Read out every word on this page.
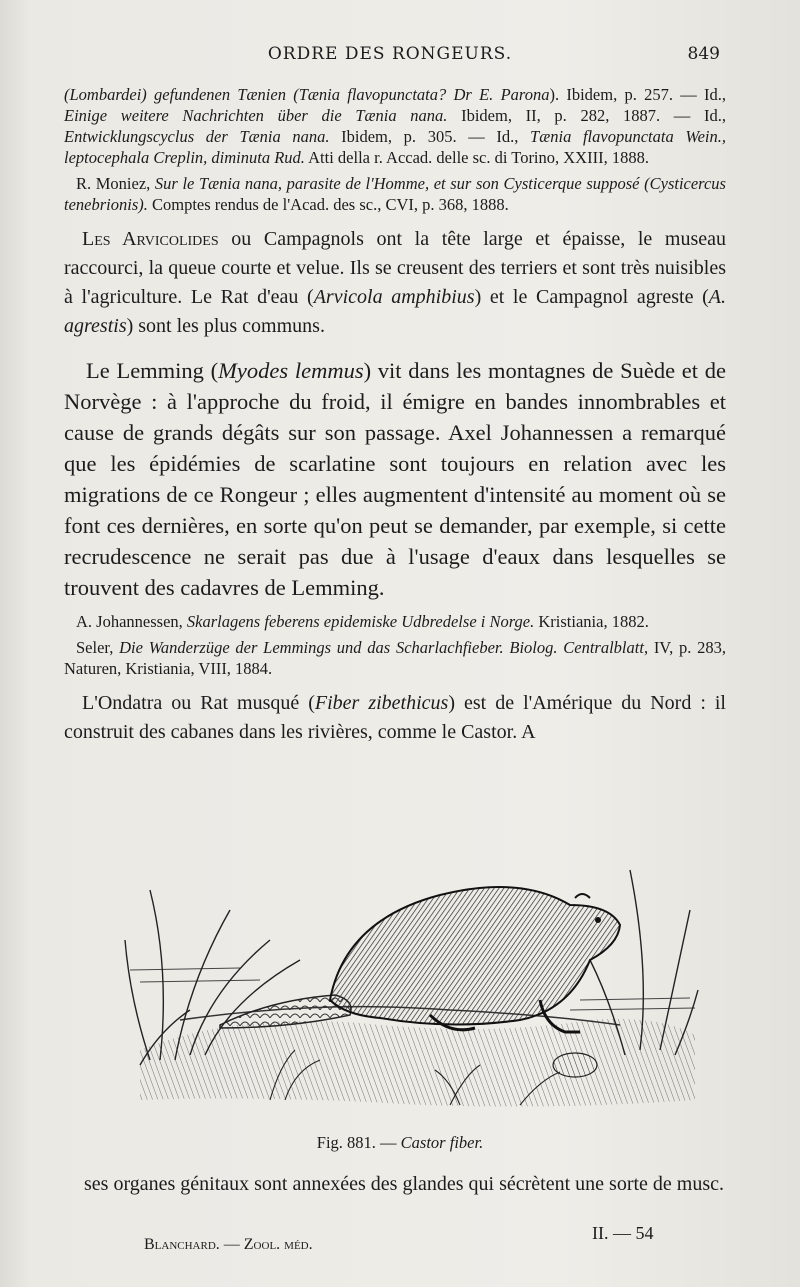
ORDRE DES RONGEURS.	849

(Lombardei) gefundenen Tænien (Tænia flavopunctata? Dr E. Parona). Ibidem, p. 257. — Id., Einige weitere Nachrichten über die Tænia nana. Ibidem, II, p. 282, 1887. — Id., Entwicklungscyclus der Tænia nana. Ibidem, p. 305. — Id., Tænia flavopunctata Wein., leptocephala Creplin, diminuta Rud. Atti della r. Accad. delle sc. di Torino, XXIII, 1888.

R. Moniez, Sur le Tænia nana, parasite de l'Homme, et sur son Cysticerque supposé (Cysticercus tenebrionis). Comptes rendus de l'Acad. des sc., CVI, p. 368, 1888.

Les Arvicolides ou Campagnols ont la tête large et épaisse, le museau raccourci, la queue courte et velue. Ils se creusent des terriers et sont très nuisibles à l'agriculture. Le Rat d'eau (Arvicola amphibius) et le Campagnol agreste (A. agrestis) sont les plus communs.

Le Lemming (Myodes lemmus) vit dans les montagnes de Suède et de Norvège : à l'approche du froid, il émigre en bandes innombrables et cause de grands dégâts sur son passage. Axel Johannessen a remarqué que les épidémies de scarlatine sont toujours en relation avec les migrations de ce Rongeur ; elles augmentent d'intensité au moment où se font ces dernières, en sorte qu'on peut se demander, par exemple, si cette recrudescence ne serait pas due à l'usage d'eaux dans lesquelles se trouvent des cadavres de Lemming.

A. Johannessen, Skarlagens feberens epidemiske Udbredelse i Norge. Kristiania, 1882.

Seler, Die Wanderzüge der Lemmings und das Scharlachfieber. Biolog. Centralblatt, IV, p. 283, Naturen, Kristiania, VIII, 1884.

L'Ondatra ou Rat musqué (Fiber zibethicus) est de l'Amérique du Nord : il construit des cabanes dans les rivières, comme le Castor. A

Fig. 881. — Castor fiber.

ses organes génitaux sont annexées des glandes qui sécrètent une sorte de musc.

Blanchard. — Zool. méd.
II. — 54
